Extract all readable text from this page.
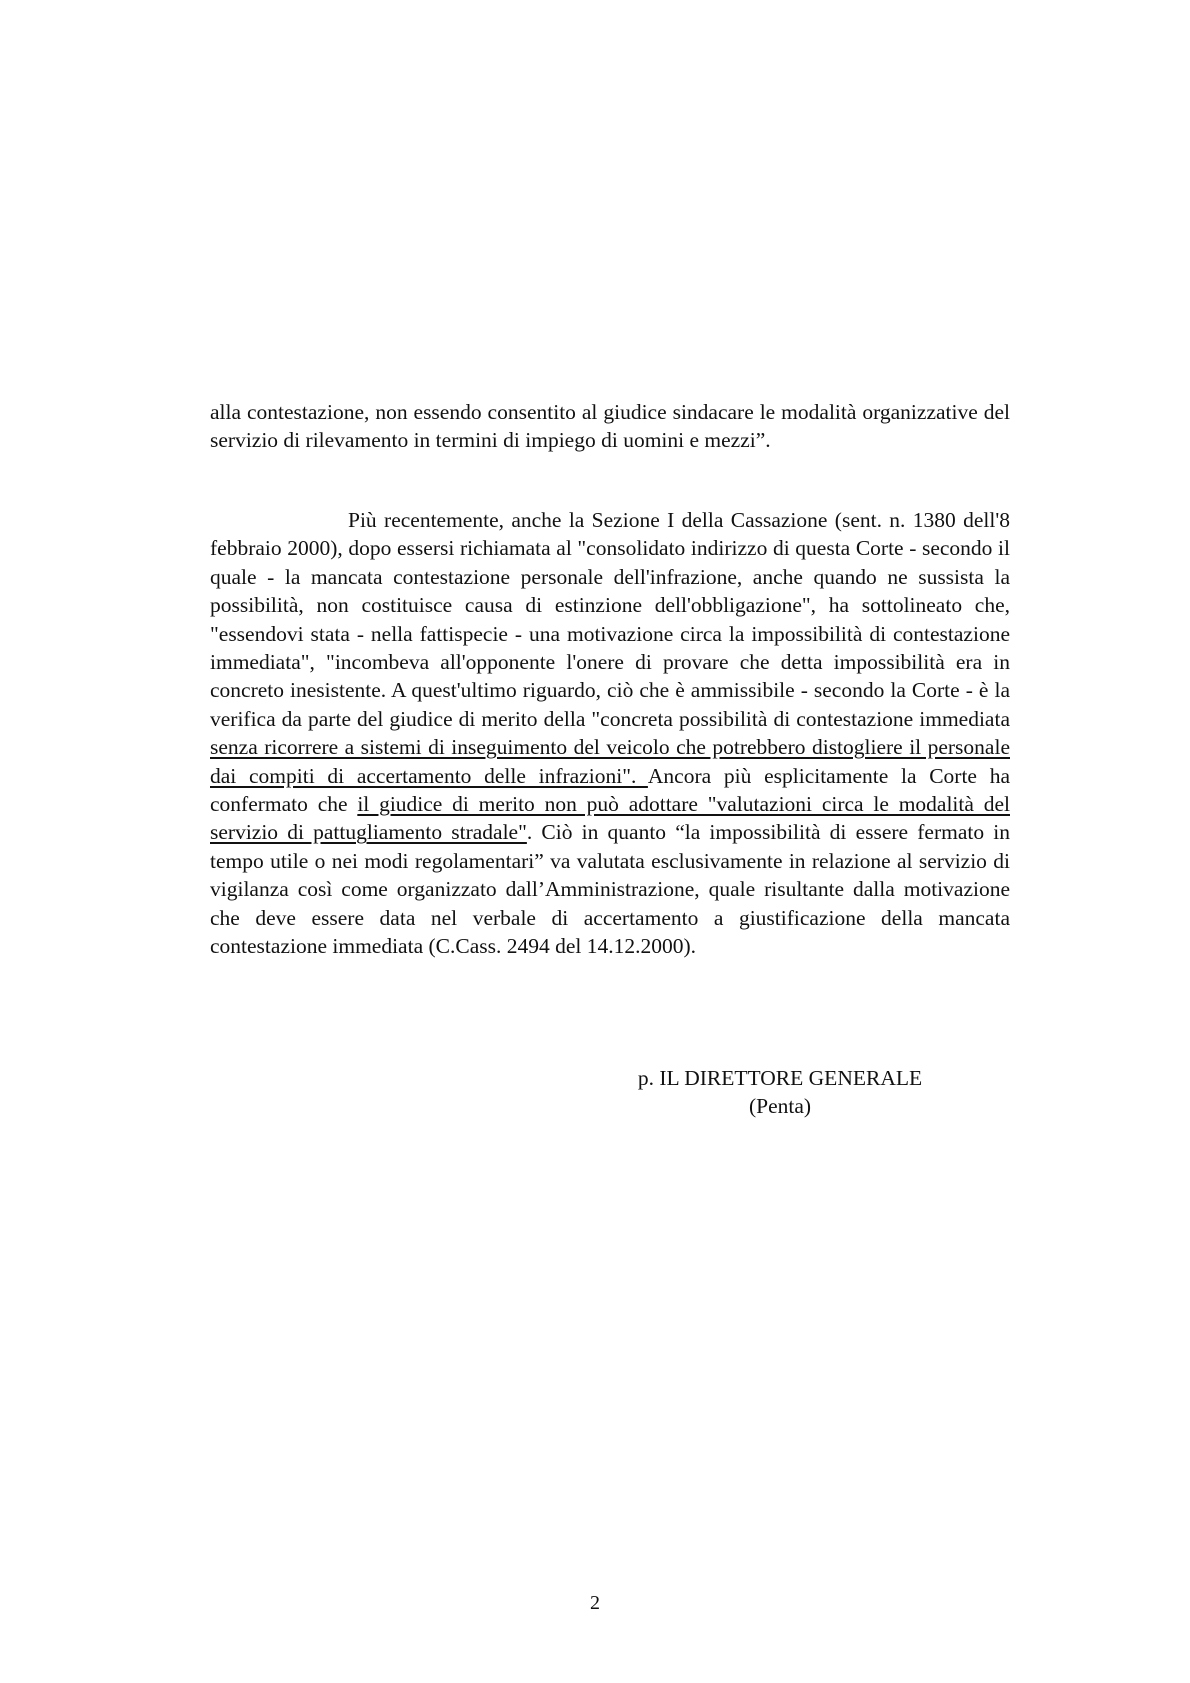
alla contestazione, non essendo consentito al giudice sindacare le modalità organizzative del servizio di rilevamento in termini di impiego di uomini e mezzi”.

Più recentemente, anche la Sezione I della Cassazione (sent. n. 1380 dell'8 febbraio 2000), dopo essersi richiamata al "consolidato indirizzo di questa Corte - secondo il quale - la mancata contestazione personale dell'infrazione, anche quando ne sussista la possibilità, non costituisce causa di estinzione dell'obbligazione", ha sottolineato che, "essendovi stata - nella fattispecie - una motivazione circa la impossibilità di contestazione immediata", "incombeva all'opponente l'onere di provare che detta impossibilità era in concreto inesistente. A quest'ultimo riguardo, ciò che è ammissibile - secondo la Corte - è la verifica da parte del giudice di merito della "concreta possibilità di contestazione immediata senza ricorrere a sistemi di inseguimento del veicolo che potrebbero distogliere il personale dai compiti di accertamento delle infrazioni". Ancora più esplicitamente la Corte ha confermato che il giudice di merito non può adottare "valutazioni circa le modalità del servizio di pattugliamento stradale". Ciò in quanto “la impossibilità di essere fermato in tempo utile o nei modi regolamentari” va valutata esclusivamente in relazione al servizio di vigilanza così come organizzato dall’Amministrazione, quale risultante dalla motivazione che deve essere data nel verbale di accertamento a giustificazione della mancata contestazione immediata (C.Cass. 2494 del 14.12.2000).

p. IL DIRETTORE GENERALE
(Penta)
2
